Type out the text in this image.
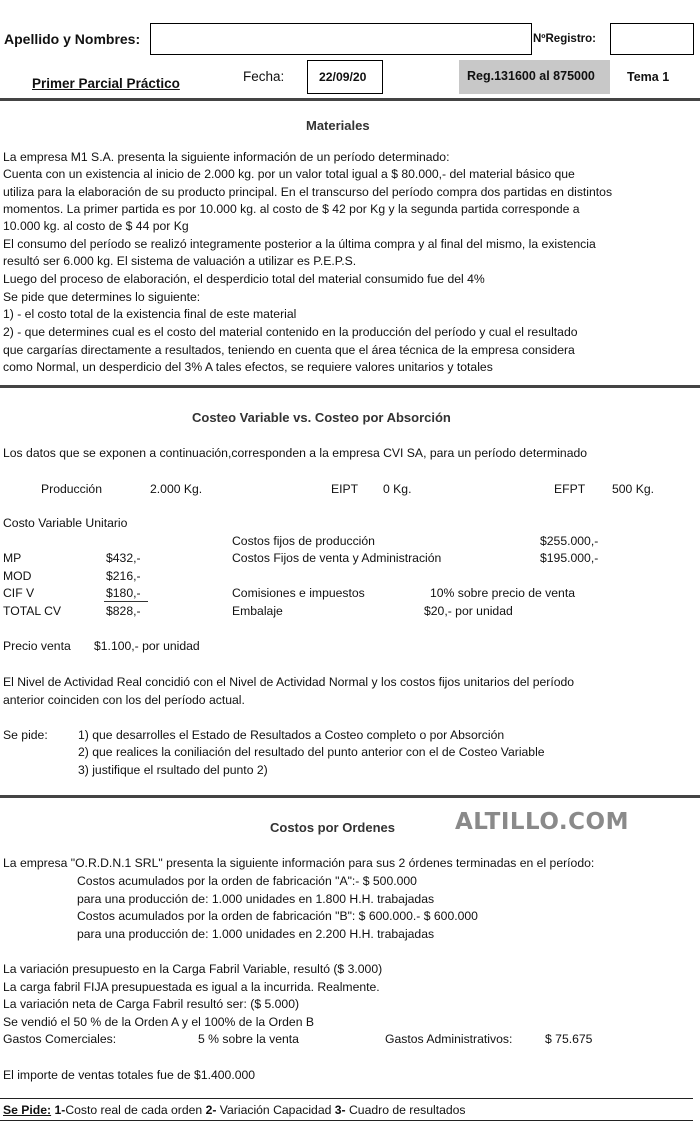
Apellido y Nombres:	NºRegistro:
Primer Parcial Práctico	Fecha:	22/09/20	Reg.131600 al 875000	Tema 1
Materiales
La empresa M1 S.A. presenta la siguiente información de un período determinado:
Cuenta con un existencia al inicio de 2.000 kg. por un valor total igual a $ 80.000,- del material básico que
utiliza para la elaboración de su producto principal. En el transcurso del período compra dos partidas en distintos
momentos. La primer partida es por 10.000 kg. al costo de $ 42 por Kg y la segunda partida corresponde a
10.000 kg. al costo de $ 44 por Kg
El consumo del período se realizó integramente posterior a la última compra y al final del mismo, la existencia
resultó ser 6.000 kg. El sistema de valuación a utilizar es P.E.P.S.
Luego del proceso de elaboración, el desperdicio total del material consumido fue del 4%
Se pide que determines lo siguiente:
1) - el costo total de la existencia final de este material
2) - que determines cual es el costo del material contenido en la producción del período y cual el resultado
que cargarías directamente a resultados, teniendo en cuenta que el área técnica de la empresa considera
como Normal, un desperdicio del 3% A tales efectos, se requiere valores unitarios y totales
Costeo Variable vs. Costeo por Absorción
Los datos que se exponen a continuación,corresponden a la empresa CVI SA, para un período determinado
Producción	2.000 Kg.	EIPT 0 Kg.	EFPT 500 Kg.
Costo Variable Unitario
MP	$432,-
MOD	$216,-
CIF V	$180,-
TOTAL CV	$828,-
Costos fijos de producción	$255.000,-
Costos Fijos de venta y Administración	$195.000,-
Comisiones e impuestos	10% sobre precio de venta
Embalaje	$20,- por unidad
Precio venta $1.100,- por unidad
El Nivel de Actividad Real concidió con el Nivel de Actividad Normal y los costos fijos unitarios del período
anterior coinciden con los del período actual.
Se pide: 1) que desarrolles el Estado de Resultados a Costeo completo o por Absorción
2) que realices la coniliación del resultado del punto anterior con el de Costeo Variable
3) justifique el rsultado del punto 2)
Costos por Ordenes	ALTILLO.COM
La empresa "O.R.D.N.1 SRL" presenta la siguiente información para sus 2 órdenes terminadas en el período:
Costos acumulados por la orden de fabricación "A":- $ 500.000
para una producción de: 1.000 unidades en 1.800 H.H. trabajadas
Costos acumulados por la orden de fabricación "B": $ 600.000.- $ 600.000
para una producción de: 1.000 unidades en 2.200 H.H. trabajadas
La variación presupuesto en la Carga Fabril Variable, resultó ($ 3.000)
La carga fabril FIJA presupuestada es igual a la incurrida. Realmente.
La variación neta de Carga Fabril resultó ser: ($ 5.000)
Se vendió el 50 % de la Orden A y el 100% de la Orden B
Gastos Comerciales:	5 % sobre la venta	Gastos Administrativos:	$ 75.675
El importe de ventas totales fue de $1.400.000
Se Pide: 1-Costo real de cada orden 2- Variación Capacidad 3- Cuadro de resultados
